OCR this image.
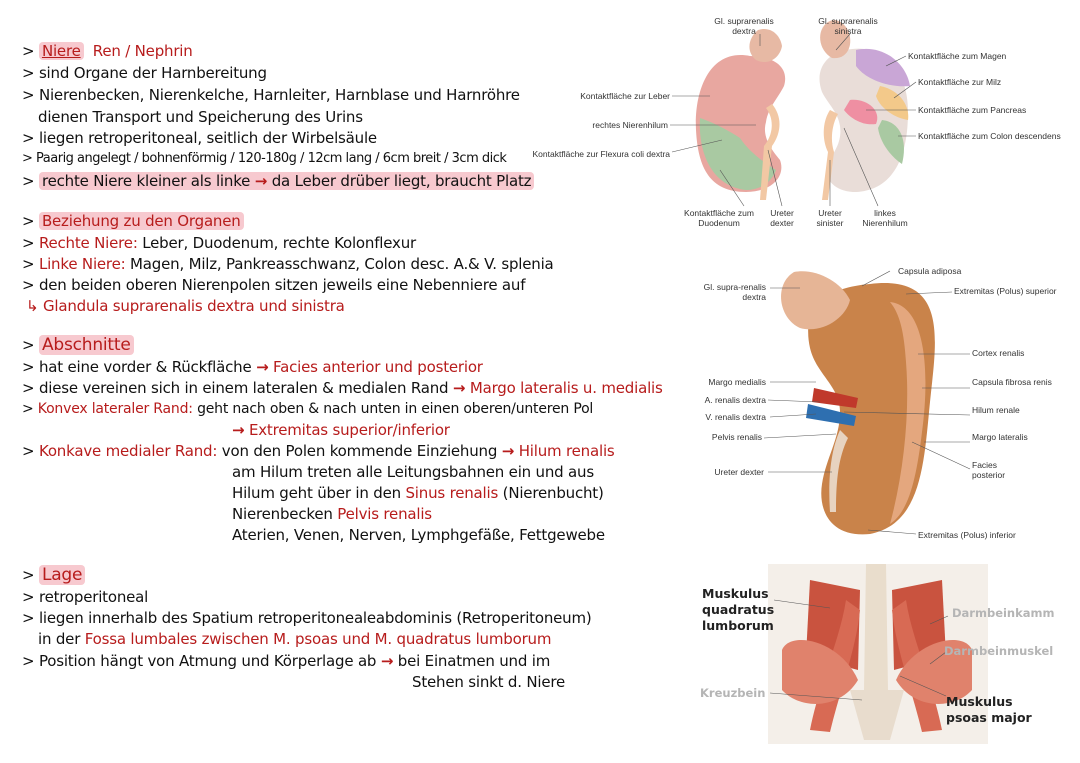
> Niere Ren / Nephrin
> sind Organe der Harnbereitung
> Nierenbecken, Nierenkelche, Harnleiter, Harnblase und Harnröhre
dienen Transport und Speicherung des Urins
> liegen retroperitoneal, seitlich der Wirbelsäule
> Paarig angelegt / bohnenförmig / 120-180g / 12cm lang / 6cm breit / 3cm dick
> rechte Niere kleiner als linke → da Leber drüber liegt, braucht Platz
> Beziehung zu den Organen
> Rechte Niere: Leber, Duodenum, rechte Kolonflexur
> Linke Niere: Magen, Milz, Pankreasschwanz, Colon desc. A.& V. splenia
> den beiden oberen Nierenpolen sitzen jeweils eine Nebenniere auf
↳ Glandula suprarenalis dextra und sinistra
> Abschnitte
> hat eine vorder & Rückfläche → Facies anterior und posterior
> diese vereinen sich in einem lateralen & medialen Rand → Margo lateralis u. medialis
> Konvex lateraler Rand: geht nach oben & nach unten in einen oberen/unteren Pol
→ Extremitas superior/inferior
> Konkave medialer Rand: von den Polen kommende Einziehung → Hilum renalis
am Hilum treten alle Leitungsbahnen ein und aus
Hilum geht über in den Sinus renalis (Nierenbucht)
Nierenbecken Pelvis renalis
Aterien, Venen, Nerven, Lymphgefäße, Fettgewebe
> Lage
> retroperitoneal
> liegen innerhalb des Spatium retroperitonealeabdominis (Retroperitoneum)
in der Fossa lumbales zwischen M. psoas und M. quadratus lumborum
> Position hängt von Atmung und Körperlage ab → bei Einatmen und im
Stehen sinkt d. Niere
Gl. suprarenalis dextra
Gl. suprarenalis sinistra
Kontaktfläche zur Leber
rechtes Nierenhilum
Kontaktfläche zur Flexura coli dextra
Kontaktfläche zum Duodenum
Ureter dexter
Ureter sinister
linkes Nierenhilum
Kontaktfläche zum Magen
Kontaktfläche zur Milz
Kontaktfläche zum Pancreas
Kontaktfläche zum Colon descendens
Capsula adiposa
Gl. supra-renalis dextra
Extremitas (Polus) superior
Cortex renalis
Margo medialis	Capsula fibrosa renis
A. renalis dextra
V. renalis dextra
Hilum renale
Pelvis renalis	Margo lateralis
Ureter dexter
Facies posterior
Extremitas (Polus) inferior
Muskulus quadratus lumborum
Darmbeinkamm
Darmbeinmuskel
Kreuzbein
Muskulus psoas major
